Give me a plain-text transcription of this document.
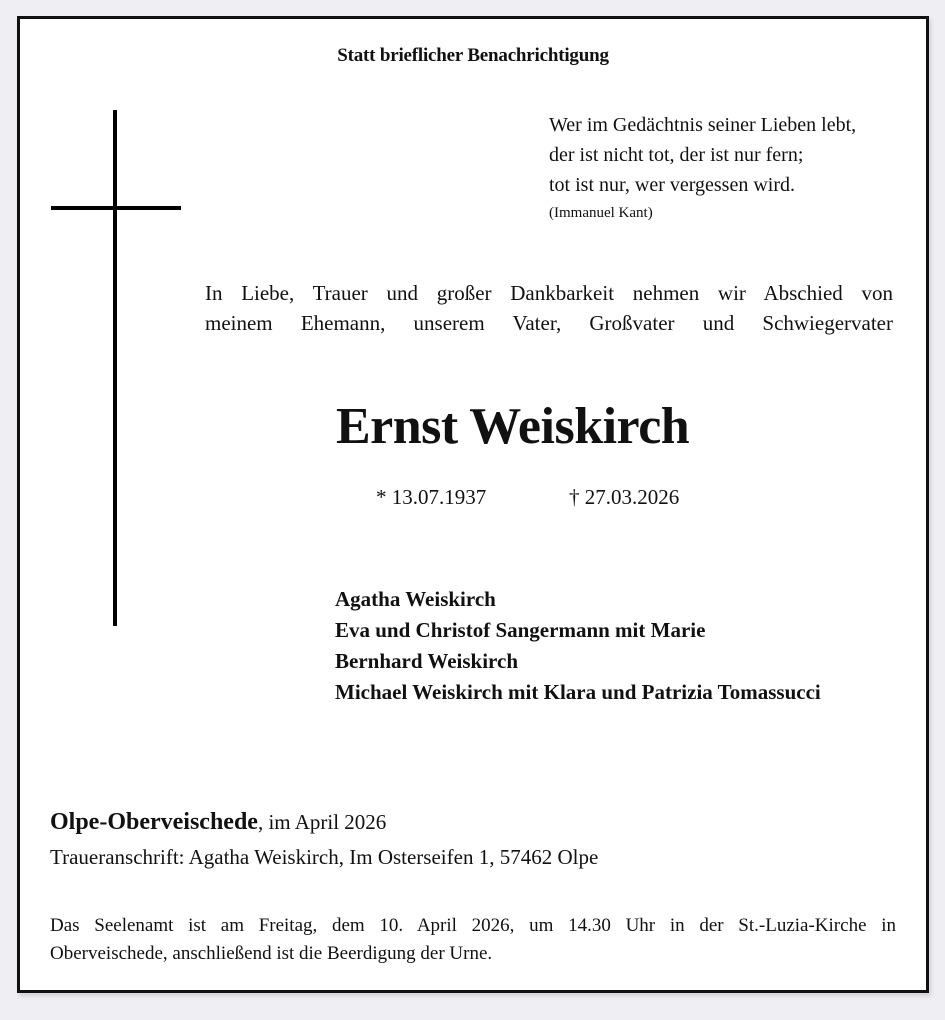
Statt brieflicher Benachrichtigung
Wer im Gedächtnis seiner Lieben lebt,
der ist nicht tot, der ist nur fern;
tot ist nur, wer vergessen wird.
(Immanuel Kant)
In Liebe, Trauer und großer Dankbarkeit nehmen wir Abschied von
meinem Ehemann, unserem Vater, Großvater und Schwiegervater
Ernst Weiskirch
* 13.07.1937	† 27.03.2026
Agatha Weiskirch
Eva und Christof Sangermann mit Marie
Bernhard Weiskirch
Michael Weiskirch mit Klara und Patrizia Tomassucci
Olpe-Oberveischede, im April 2026
Traueranschrift: Agatha Weiskirch, Im Osterseifen 1, 57462 Olpe
Das Seelenamt ist am Freitag, dem 10. April 2026, um 14.30 Uhr in der St.-Luzia-Kirche in
Oberveischede, anschließend ist die Beerdigung der Urne.
